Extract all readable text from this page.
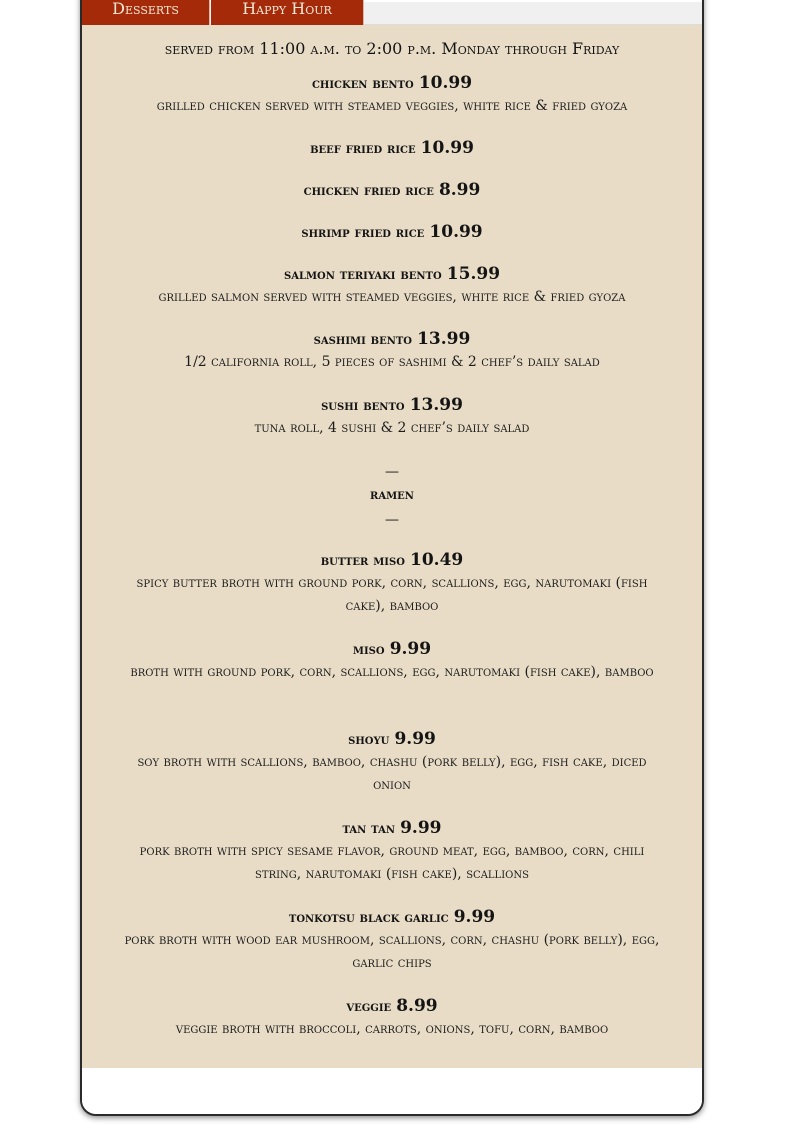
Desserts	Happy Hour
served from 11:00 a.m. to 2:00 p.m. Monday through Friday
chicken bento 10.99
grilled chicken served with steamed veggies, white rice & fried gyoza
beef fried rice 10.99
chicken fried rice 8.99
shrimp fried rice 10.99
salmon teriyaki bento 15.99
grilled salmon served with steamed veggies, white rice & fried gyoza
sashimi bento 13.99
1/2 california roll, 5 pieces of sashimi & 2 chef’s daily salad
sushi bento 13.99
tuna roll, 4 sushi & 2 chef’s daily salad
—
ramen
—
butter miso 10.49
spicy butter broth with ground pork, corn, scallions, egg, narutomaki (fish cake), bamboo
miso 9.99
broth with ground pork, corn, scallions, egg, narutomaki (fish cake), bamboo
shoyu 9.99
soy broth with scallions, bamboo, chashu (pork belly), egg, fish cake, diced onion
tan tan 9.99
pork broth with spicy sesame flavor, ground meat, egg, bamboo, corn, chili string, narutomaki (fish cake), scallions
tonkotsu black garlic 9.99
pork broth with wood ear mushroom, scallions, corn, chashu (pork belly), egg, garlic chips
veggie 8.99
veggie broth with broccoli, carrots, onions, tofu, corn, bamboo
